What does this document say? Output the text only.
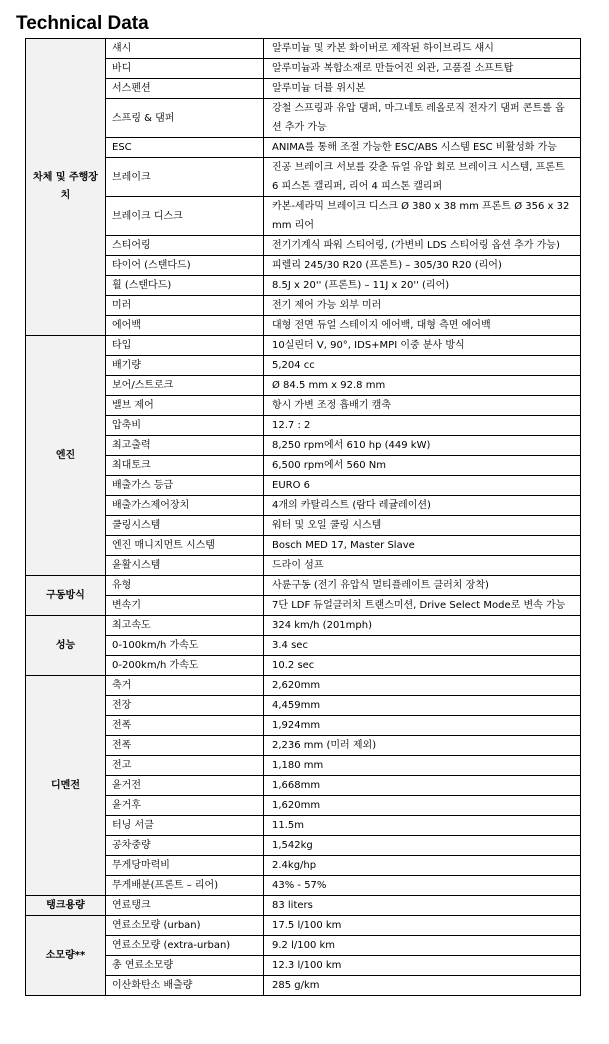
Technical Data
차체 및 주행장치	섀시	알루미늄 및 카본 화이버로 제작된 하이브리드 섀시
	바디	알루미늄과 복합소재로 만들어진 외관, 고품질 소프트탑
	서스펜션	알루미늄 더블 위시본
	스프링 & 댐퍼	강철 스프링과 유압 댐퍼, 마그네토 레올로직 전자기 댐퍼 콘트롤 옵션 추가 가능
	ESC	ANIMA를 통해 조절 가능한 ESC/ABS 시스템 ESC 비활성화 가능
	브레이크	진공 브레이크 서보를 갖춘 듀얼 유압 회로 브레이크 시스템, 프론트 6 피스톤 캘리퍼, 리어 4 피스톤 캘리퍼
	브레이크 디스크	카본-세라믹 브레이크 디스크 Ø 380 x 38 mm 프론트 Ø 356 x 32 mm 리어
	스티어링	전기기계식 파워 스티어링, (가변비 LDS 스티어링 옵션 추가 가능)
	타이어 (스탠다드)	피렐리 245/30 R20 (프론트) – 305/30 R20 (리어)
	휠 (스탠다드)	8.5J x 20'' (프론트) – 11J x 20'' (리어)
	미러	전기 제어 가능 외부 미러
	에어백	대형 전면 듀얼 스테이지 에어백, 대형 측면 에어백
엔진	타입	10실린더 V, 90°, IDS+MPI 이중 분사 방식
	배기량	5,204 cc
	보어/스트로크	Ø 84.5 mm x 92.8 mm
	밸브 제어	항시 가변 조정 흡배기 캠축
	압축비	12.7 : 2
	최고출력	8,250 rpm에서 610 hp (449 kW)
	최대토크	6,500 rpm에서 560 Nm
	배출가스 등급	EURO 6
	배출가스제어장치	4개의 카탈리스트 (람다 레귤레이션)
	쿨링시스템	워터 및 오일 쿨링 시스템
	엔진 매니지먼트 시스템	Bosch MED 17, Master Slave
	윤활시스템	드라이 섬프
구동방식	유형	사륜구동 (전기 유압식 멀티플레이트 클러치 장착)
	변속기	7단 LDF 듀얼클러치 트랜스미션, Drive Select Mode로 변속 가능
성능	최고속도	324 km/h (201mph)
	0-100km/h 가속도	3.4 sec
	0-200km/h 가속도	10.2 sec
디멘전	축거	2,620mm
	전장	4,459mm
	전폭	1,924mm
	전폭	2,236 mm (미러 제외)
	전고	1,180 mm
	윤거전	1,668mm
	윤거후	1,620mm
	터닝 서클	11.5m
	공차중량	1,542kg
	무게당마력비	2.4kg/hp
	무게배분(프론트 – 리어)	43% - 57%
탱크용량	연료탱크	83 liters
소모량**	연료소모량 (urban)	17.5 l/100 km
	연료소모량 (extra-urban)	9.2 l/100 km
	총 연료소모량	12.3 l/100 km
	이산화탄소 배출량	285 g/km
